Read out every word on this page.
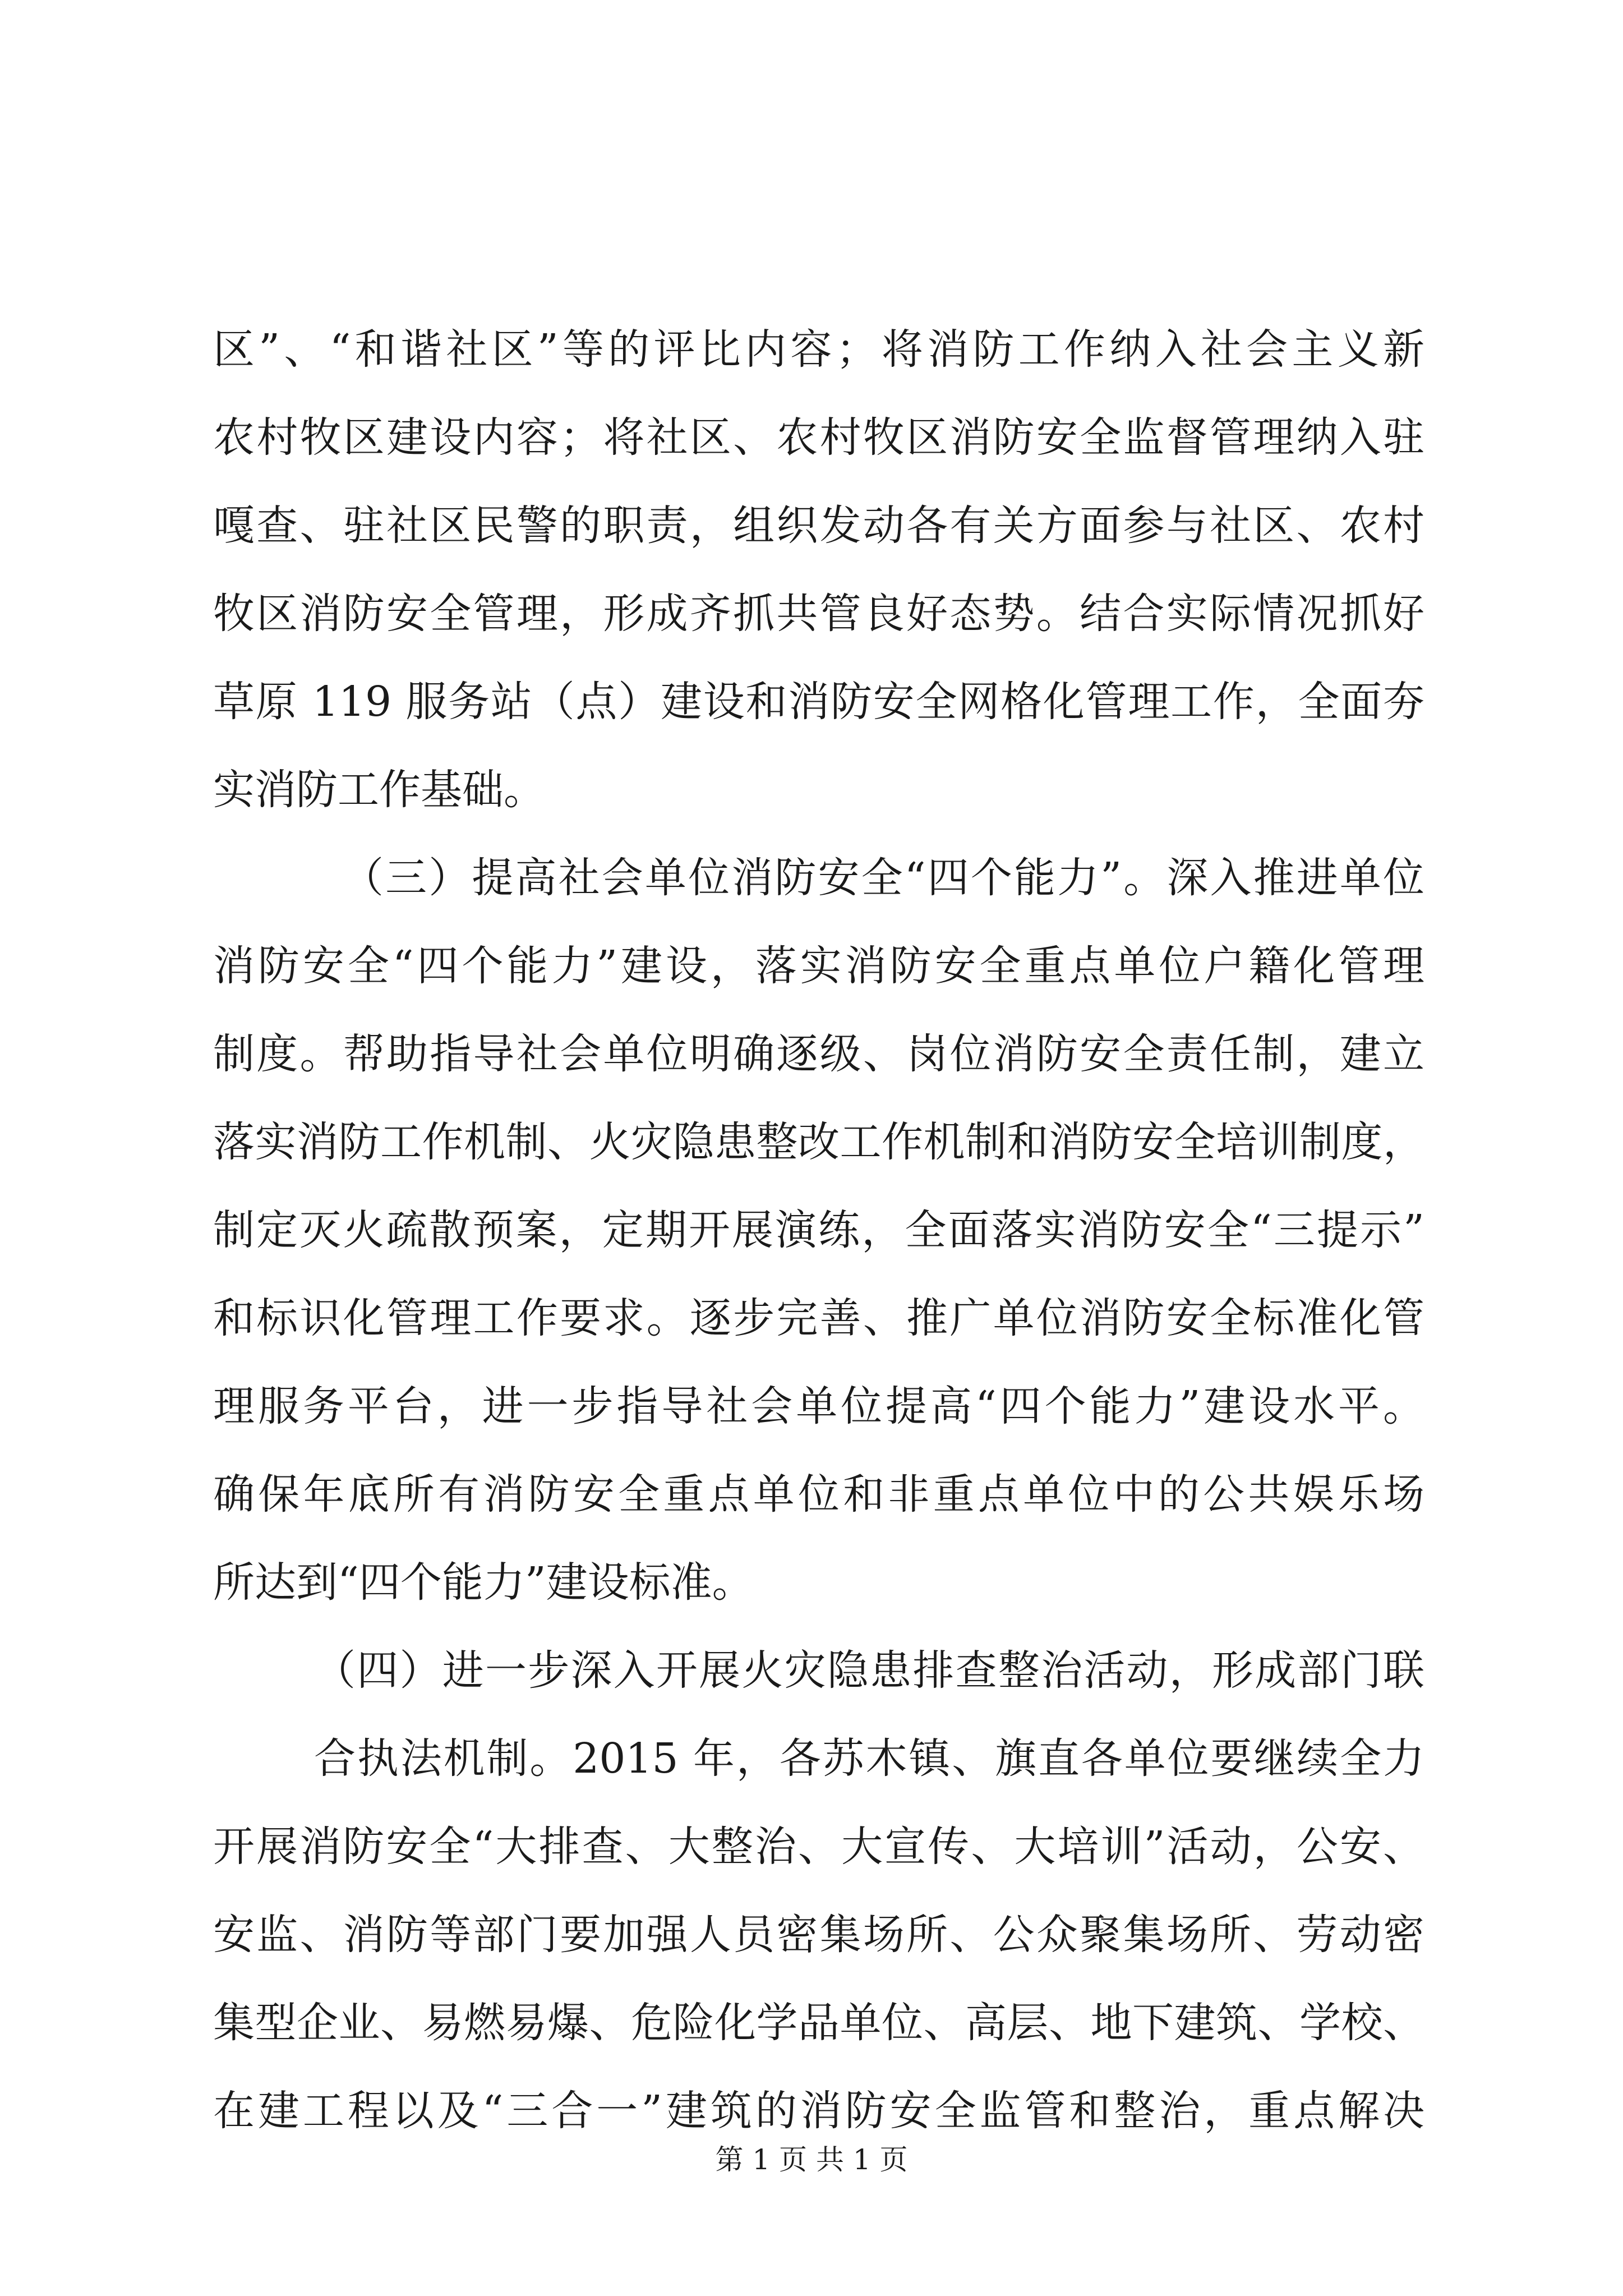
区”、“和谐社区”等的评比内容；将消防工作纳入社会主义新
农村牧区建设内容；将社区、农村牧区消防安全监督管理纳入驻
嘎查、驻社区民警的职责，组织发动各有关方面参与社区、农村
牧区消防安全管理，形成齐抓共管良好态势。结合实际情况抓好
草原 119 服务站（点）建设和消防安全网格化管理工作，全面夯
实消防工作基础。
（三）提高社会单位消防安全“四个能力”。深入推进单位
消防安全“四个能力”建设，落实消防安全重点单位户籍化管理
制度。帮助指导社会单位明确逐级、岗位消防安全责任制，建立
落实消防工作机制、火灾隐患整改工作机制和消防安全培训制度，
制定灭火疏散预案，定期开展演练，全面落实消防安全“三提示”
和标识化管理工作要求。逐步完善、推广单位消防安全标准化管
理服务平台，进一步指导社会单位提高“四个能力”建设水平。
确保年底所有消防安全重点单位和非重点单位中的公共娱乐场
所达到“四个能力”建设标准。
（四）进一步深入开展火灾隐患排查整治活动，形成部门联
合执法机制。2015 年，各苏木镇、旗直各单位要继续全力
开展消防安全“大排查、大整治、大宣传、大培训”活动，公安、
安监、消防等部门要加强人员密集场所、公众聚集场所、劳动密
集型企业、易燃易爆、危险化学品单位、高层、地下建筑、学校、
在建工程以及“三合一”建筑的消防安全监管和整治，重点解决
第 1 页 共 1 页
